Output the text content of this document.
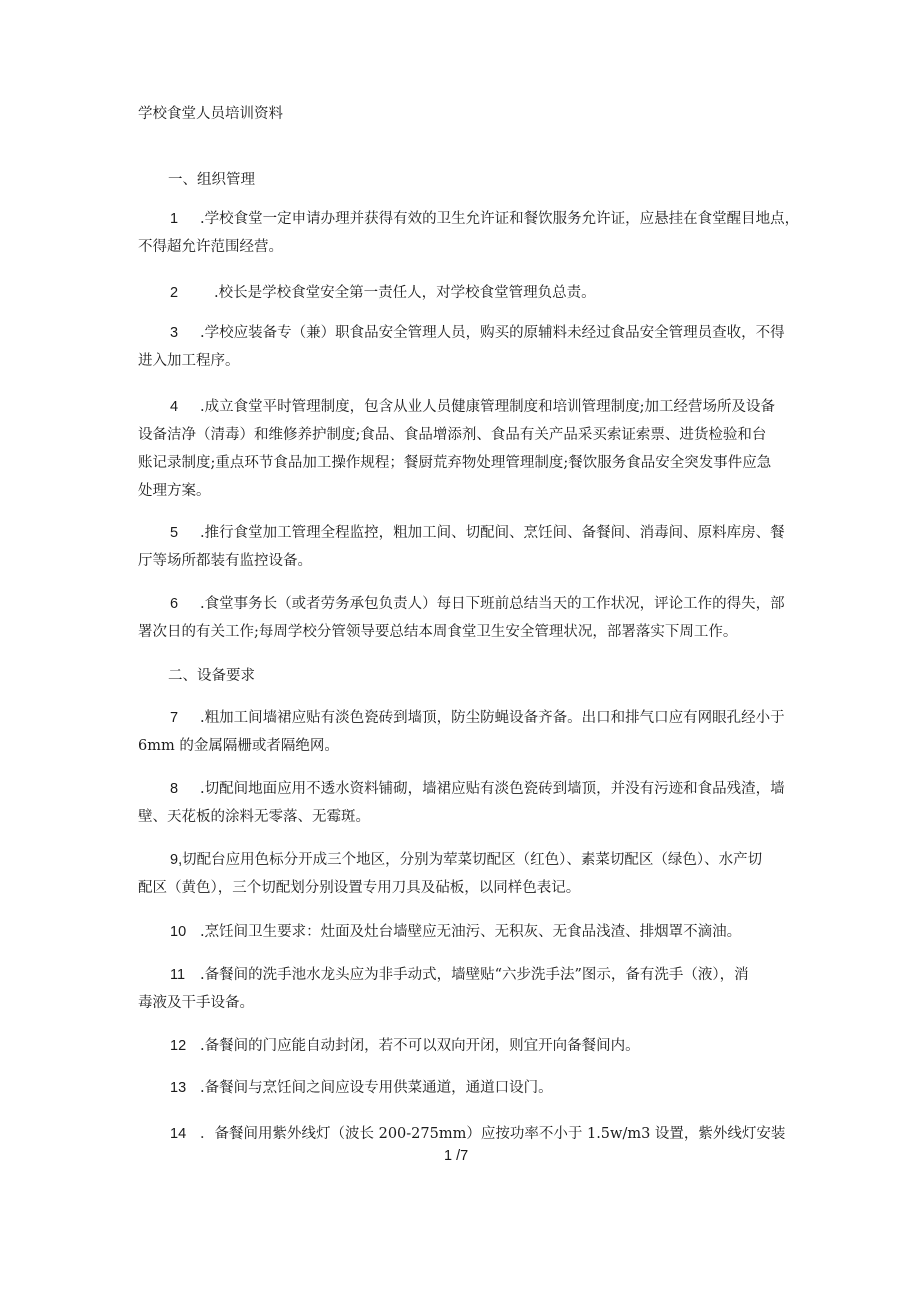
学校食堂人员培训资料
一、组织管理
1 .学校食堂一定申请办理并获得有效的卫生允许证和餐饮服务允许证，应悬挂在食堂醒目地点，
不得超允许范围经营。
2 .校长是学校食堂安全第一责任人，对学校食堂管理负总责。
3 .学校应装备专（兼）职食品安全管理人员，购买的原辅料未经过食品安全管理员查收，不得
进入加工程序。
4 .成立食堂平时管理制度，包含从业人员健康管理制度和培训管理制度;加工经营场所及设备
设备洁净（清毒）和维修养护制度;食品、食品增添剂、食品有关产品采买索证索票、进货检验和台
账记录制度;重点环节食品加工操作规程；餐厨荒弃物处理管理制度;餐饮服务食品安全突发事件应急
处理方案。
5 .推行食堂加工管理全程监控，粗加工间、切配间、烹饪间、备餐间、消毒间、原料库房、餐
厅等场所都装有监控设备。
6 .食堂事务长（或者劳务承包负责人）每日下班前总结当天的工作状况，评论工作的得失，部
署次日的有关工作;每周学校分管领导要总结本周食堂卫生安全管理状况，部署落实下周工作。
二、设备要求
7 .粗加工间墙裙应贴有淡色瓷砖到墙顶，防尘防蝇设备齐备。出口和排气口应有网眼孔经小于
6mm 的金属隔栅或者隔绝网。
8 .切配间地面应用不透水资料铺砌，墙裙应贴有淡色瓷砖到墙顶，并没有污迹和食品残渣，墙
壁、天花板的涂料无零落、无霉斑。
9,切配台应用色标分开成三个地区，分别为荤菜切配区（红色）、素菜切配区（绿色）、水产切
配区（黄色），三个切配划分别设置专用刀具及砧板，以同样色表记。
10 .烹饪间卫生要求：灶面及灶台墙壁应无油污、无积灰、无食品浅渣、排烟罩不滴油。
11 .备餐间的洗手池水龙头应为非手动式，墙壁贴“六步洗手法”图示，备有洗手（液），消
毒液及干手设备。
12 .备餐间的门应能自动封闭，若不可以双向开闭，则宜开向备餐间内。
13 .备餐间与烹饪间之间应设专用供菜通道，通道口设门。
14 ．备餐间用紫外线灯（波长 200-275mm）应按功率不小于 1.5w/m3 设置，紫外线灯安装
1 /7
